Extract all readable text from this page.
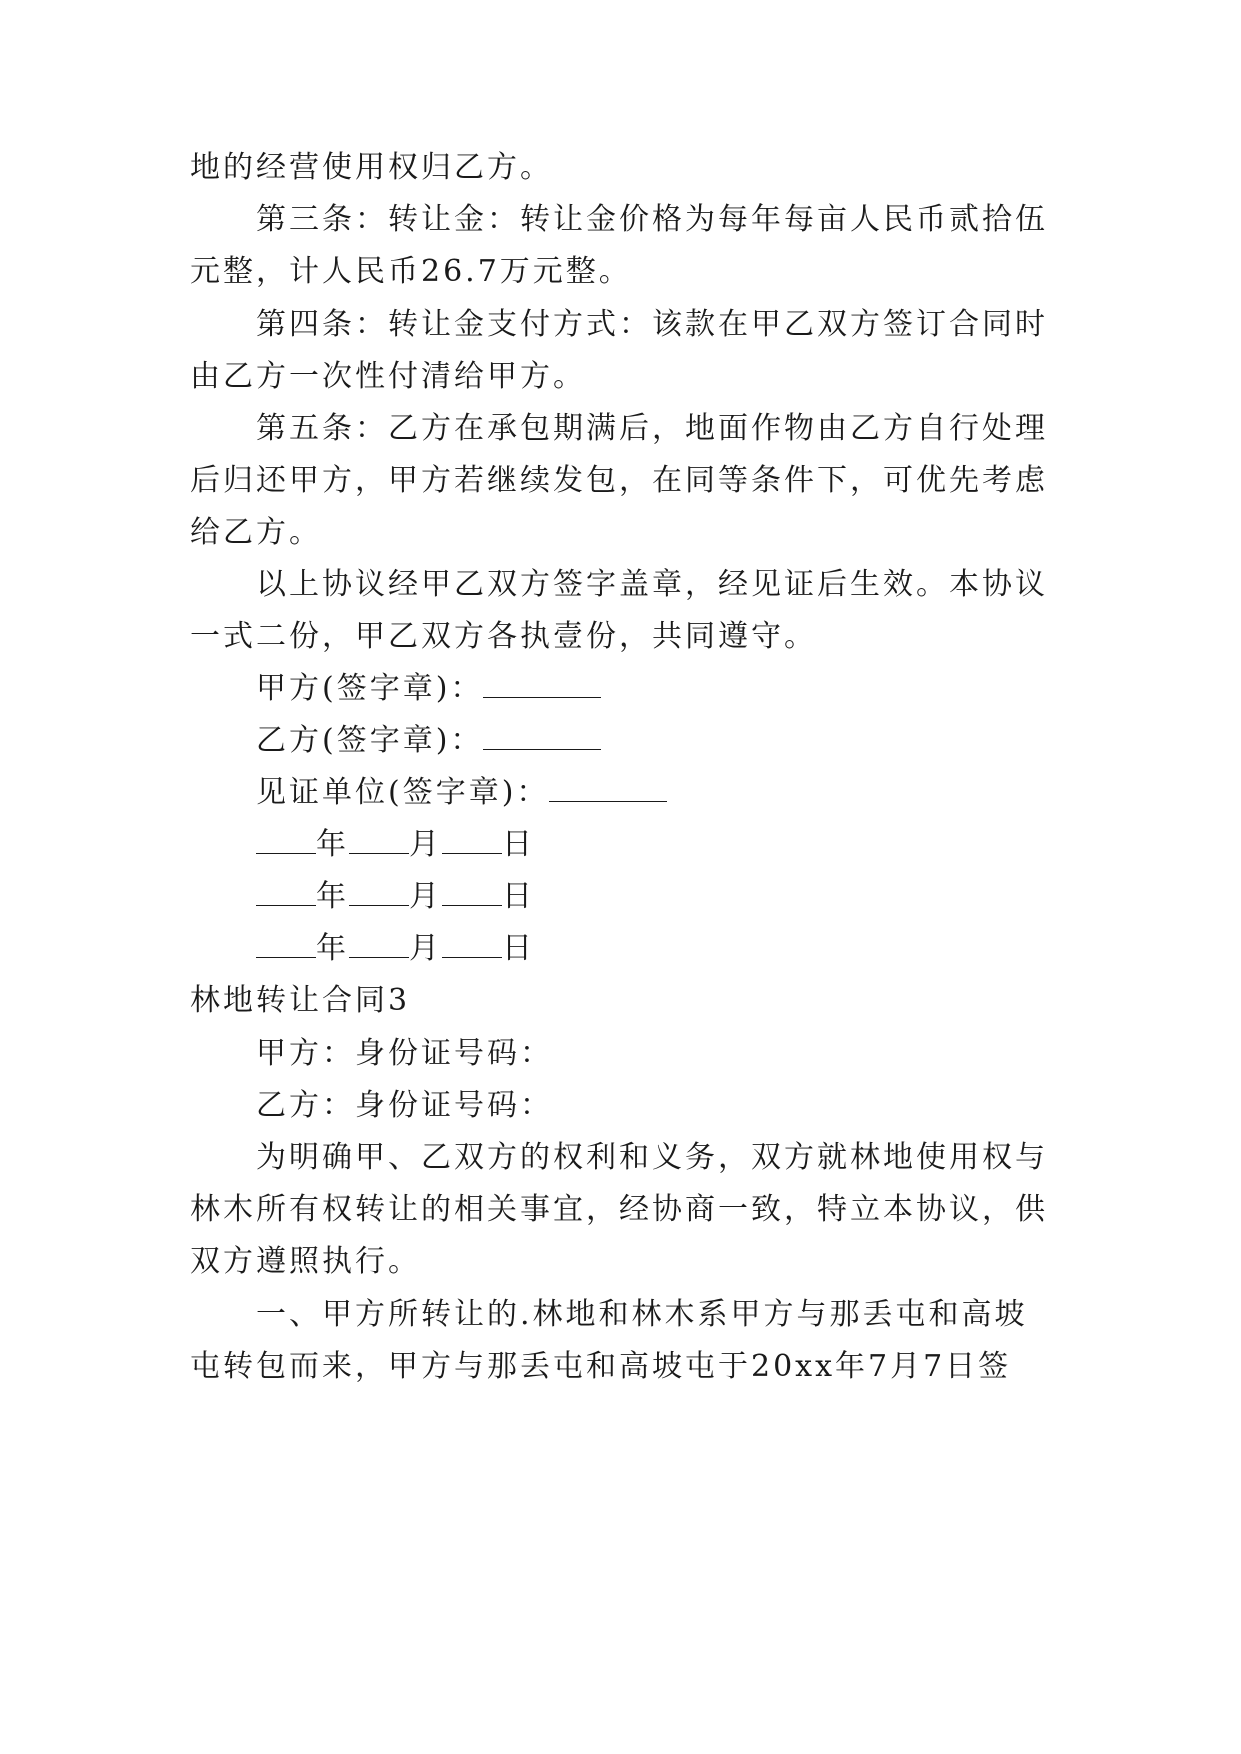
地的经营使用权归乙方。
第三条：转让金：转让金价格为每年每亩人民币贰拾伍
元整，计人民币26.7万元整。
第四条：转让金支付方式：该款在甲乙双方签订合同时
由乙方一次性付清给甲方。
第五条：乙方在承包期满后，地面作物由乙方自行处理
后归还甲方，甲方若继续发包，在同等条件下，可优先考虑
给乙方。
以上协议经甲乙双方签字盖章，经见证后生效。本协议
一式二份，甲乙双方各执壹份，共同遵守。
甲方(签字章)：
乙方(签字章)：
见证单位(签字章)：
年 月 日
年 月 日
年 月 日
林地转让合同3
甲方：身份证号码：
乙方：身份证号码：
为明确甲、乙双方的权利和义务，双方就林地使用权与
林木所有权转让的相关事宜，经协商一致，特立本协议，供
双方遵照执行。
一、甲方所转让的.林地和林木系甲方与那丢屯和高坡
屯转包而来，甲方与那丢屯和高坡屯于20xx年7月7日签
